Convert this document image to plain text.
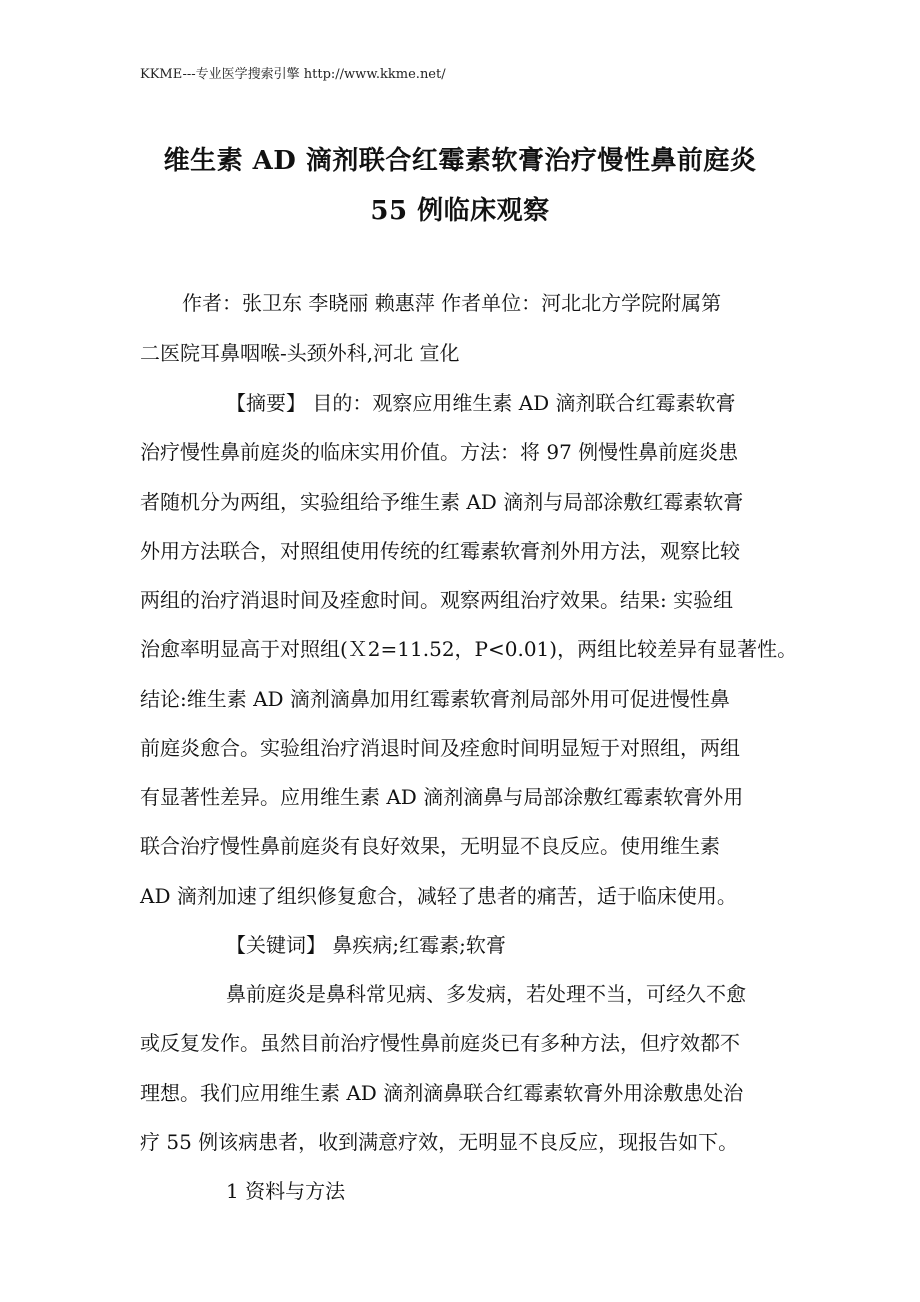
KKME---专业医学搜索引擎 http://www.kkme.net/
维生素 AD 滴剂联合红霉素软膏治疗慢性鼻前庭炎
55 例临床观察
作者：张卫东 李晓丽 赖惠萍 作者单位：河北北方学院附属第
二医院耳鼻咽喉-头颈外科,河北 宣化
【摘要】 目的：观察应用维生素 AD 滴剂联合红霉素软膏
治疗慢性鼻前庭炎的临床实用价值。方法：将 97 例慢性鼻前庭炎患
者随机分为两组，实验组给予维生素 AD 滴剂与局部涂敷红霉素软膏
外用方法联合，对照组使用传统的红霉素软膏剂外用方法，观察比较
两组的治疗消退时间及痊愈时间。观察两组治疗效果。结果: 实验组
治愈率明显高于对照组(Ｘ2=11.52，P<0.01)，两组比较差异有显著性。
结论:维生素 AD 滴剂滴鼻加用红霉素软膏剂局部外用可促进慢性鼻
前庭炎愈合。实验组治疗消退时间及痊愈时间明显短于对照组，两组
有显著性差异。应用维生素 AD 滴剂滴鼻与局部涂敷红霉素软膏外用
联合治疗慢性鼻前庭炎有良好效果，无明显不良反应。使用维生素
AD 滴剂加速了组织修复愈合，减轻了患者的痛苦，适于临床使用。
【关键词】 鼻疾病;红霉素;软膏
鼻前庭炎是鼻科常见病、多发病，若处理不当，可经久不愈
或反复发作。虽然目前治疗慢性鼻前庭炎已有多种方法，但疗效都不
理想。我们应用维生素 AD 滴剂滴鼻联合红霉素软膏外用涂敷患处治
疗 55 例该病患者，收到满意疗效，无明显不良反应，现报告如下。
1 资料与方法
